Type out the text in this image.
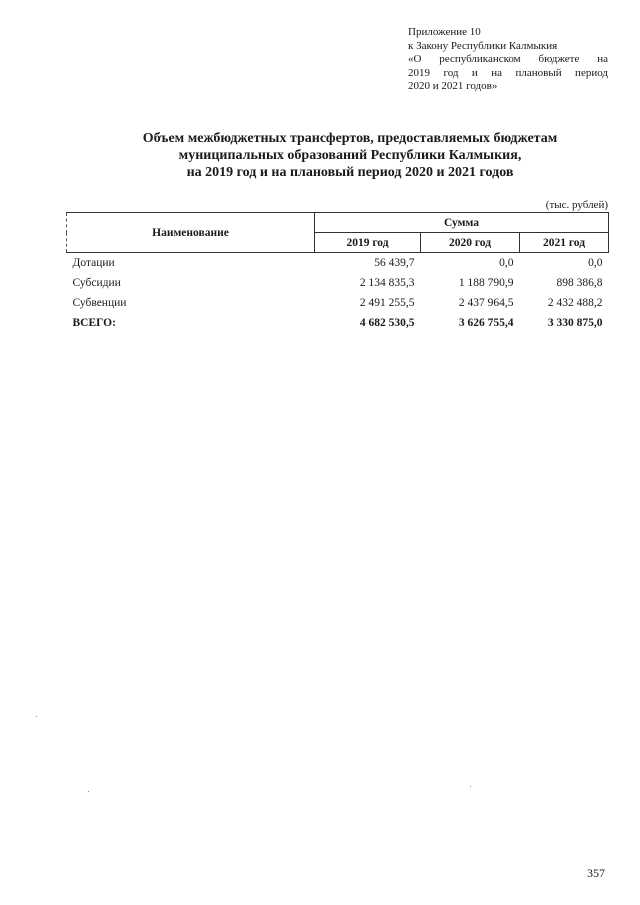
Приложение 10
к Закону Республики Калмыкия
«О республиканском бюджете на
2019 год и на плановый период
2020 и 2021 годов»
Объем межбюджетных трансфертов, предоставляемых бюджетам
муниципальных образований Республики Калмыкия,
на 2019 год и на плановый период 2020 и 2021 годов
(тыс. рублей)
Наименование	Сумма		
	2019 год	2020 год	2021 год
Дотации	56 439,7	0,0	0,0
Субсидии	2 134 835,3	1 188 790,9	898 386,8
Субвенции	2 491 255,5	2 437 964,5	2 432 488,2
ВСЕГО:	4 682 530,5	3 626 755,4	3 330 875,0
357
